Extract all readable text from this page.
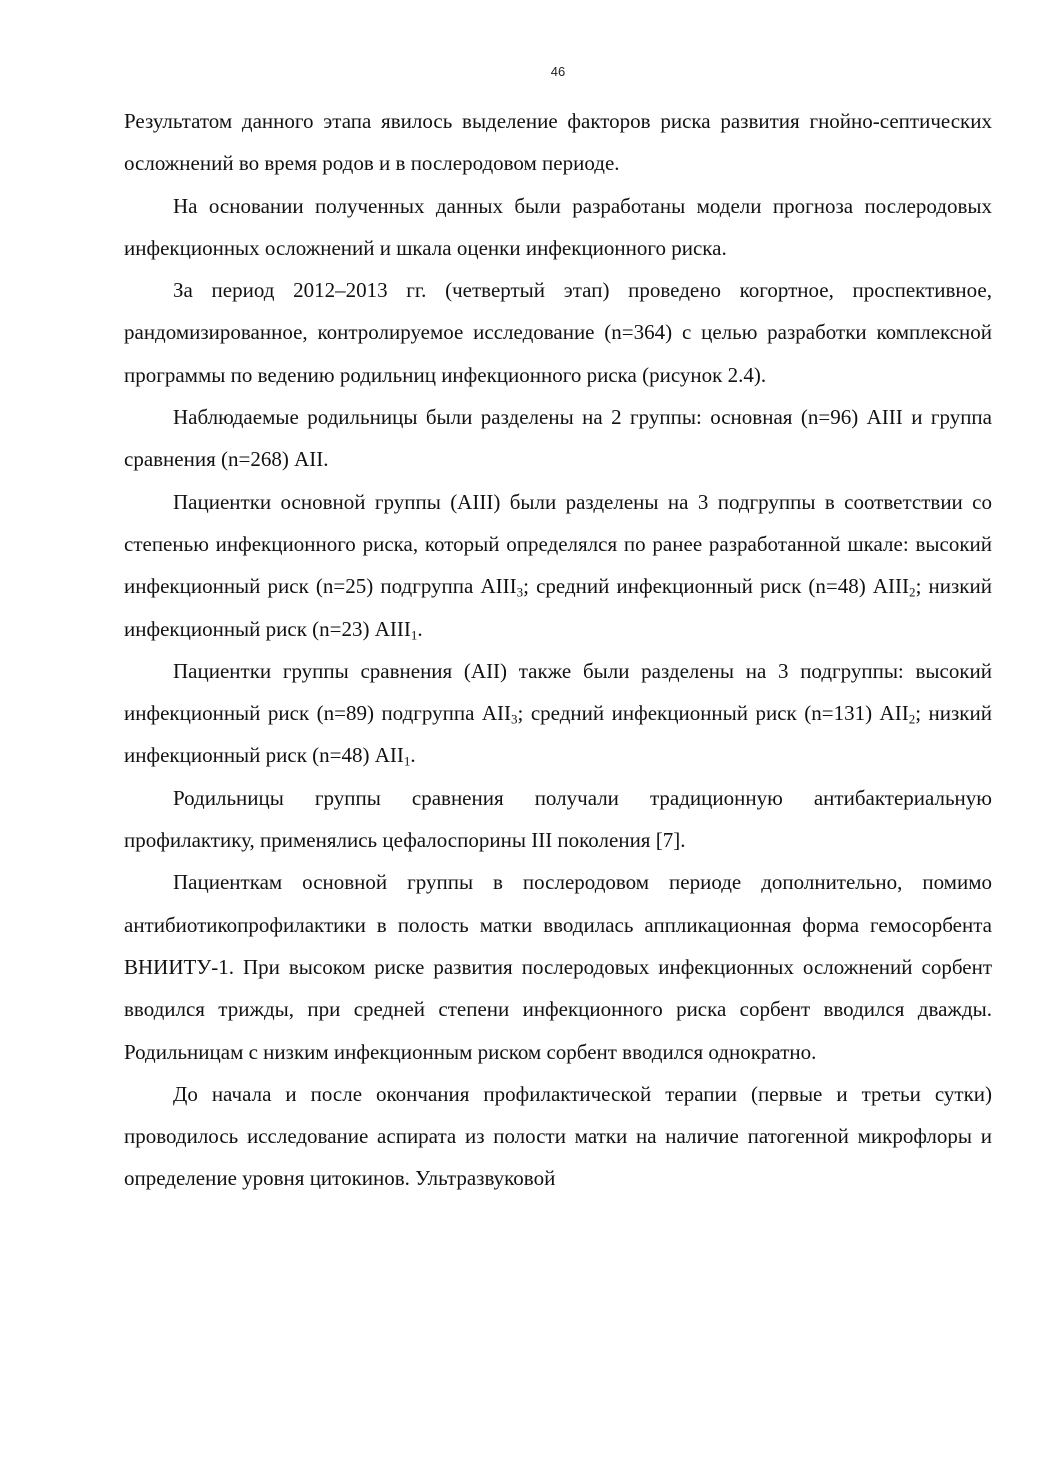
46

Результатом данного этапа явилось выделение факторов риска развития гнойно-септических осложнений во время родов и в послеродовом периоде.

На основании полученных данных были разработаны модели прогноза послеродовых инфекционных осложнений и шкала оценки инфекционного риска.

За период 2012–2013 гг. (четвертый этап) проведено когортное, проспективное, рандомизированное, контролируемое исследование (n=364) с целью разработки комплексной программы по ведению родильниц инфекционного риска (рисунок 2.4).

Наблюдаемые родильницы были разделены на 2 группы: основная (n=96) АIII и группа сравнения (n=268) АII.

Пациентки основной группы (АIII) были разделены на 3 подгруппы в соответствии со степенью инфекционного риска, который определялся по ранее разработанной шкале: высокий инфекционный риск (n=25) подгруппа $АIII_3$; средний инфекционный риск (n=48) $АIII_2$; низкий инфекционный риск (n=23) $АIII_1$.

Пациентки группы сравнения (АII) также были разделены на 3 подгруппы: высокий инфекционный риск (n=89) подгруппа $АII_3$; средний инфекционный риск (n=131) $АII_2$; низкий инфекционный риск (n=48) $АII_1$.

Родильницы группы сравнения получали традиционную антибактериальную профилактику, применялись цефалоспорины III поколения [7].

Пациенткам основной группы в послеродовом периоде дополнительно, помимо антибиотикопрофилактики в полость матки вводилась аппликационная форма гемосорбента ВНИИТУ-1. При высоком риске развития послеродовых инфекционных осложнений сорбент вводился трижды, при средней степени инфекционного риска сорбент вводился дважды. Родильницам с низким инфекционным риском сорбент вводился однократно.

До начала и после окончания профилактической терапии (первые и третьи сутки) проводилось исследование аспирата из полости матки на наличие патогенной микрофлоры и определение уровня цитокинов. Ультразвуковой
